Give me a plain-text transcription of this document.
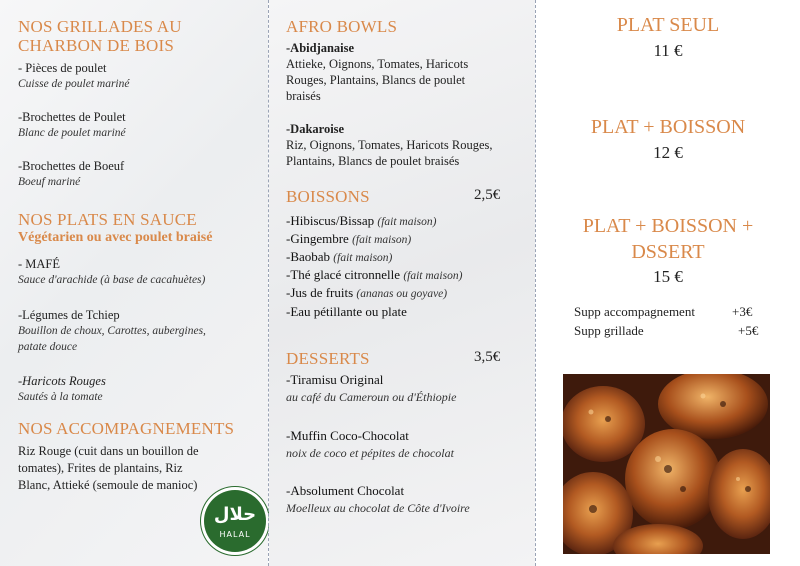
NOS GRILLADES AU
CHARBON DE BOIS
- Pièces de poulet
Cuisse de poulet mariné
-Brochettes de Poulet
Blanc de poulet mariné
-Brochettes de Boeuf
Boeuf mariné
NOS PLATS EN SAUCE
Végétarien ou avec poulet braisé
- MAFÉ
Sauce d'arachide (à base de cacahuètes)
-Légumes de Tchiep
Bouillon de choux, Carottes, aubergines,
patate douce
-Haricots Rouges
Sautés à la tomate
NOS ACCOMPAGNEMENTS
Riz Rouge (cuit dans un bouillon de
tomates), Frites de plantains, Riz
Blanc, Attieké (semoule de manioc)
حلال
HALAL
AFRO BOWLS
-Abidjanaise
Attieke, Oignons, Tomates, Haricots
Rouges, Plantains, Blancs de poulet
braisés
-Dakaroise
Riz, Oignons, Tomates, Haricots Rouges,
Plantains, Blancs de poulet braisés
BOISSONS	2,5€
-Hibiscus/Bissap (fait maison)
-Gingembre (fait maison)
-Baobab (fait maison)
-Thé glacé citronnelle (fait maison)
-Jus de fruits (ananas ou goyave)
-Eau pétillante ou plate
DESSERTS	3,5€
-Tiramisu Original
au café du Cameroun ou d'Éthiopie
-Muffin Coco-Chocolat
noix de coco et pépites de chocolat
-Absolument Chocolat
Moelleux au chocolat de Côte d'Ivoire
PLAT SEUL
11 €
PLAT + BOISSON
12 €
PLAT + BOISSON +
DSSERT
15 €
Supp accompagnement	+3€
Supp grillade	+5€
